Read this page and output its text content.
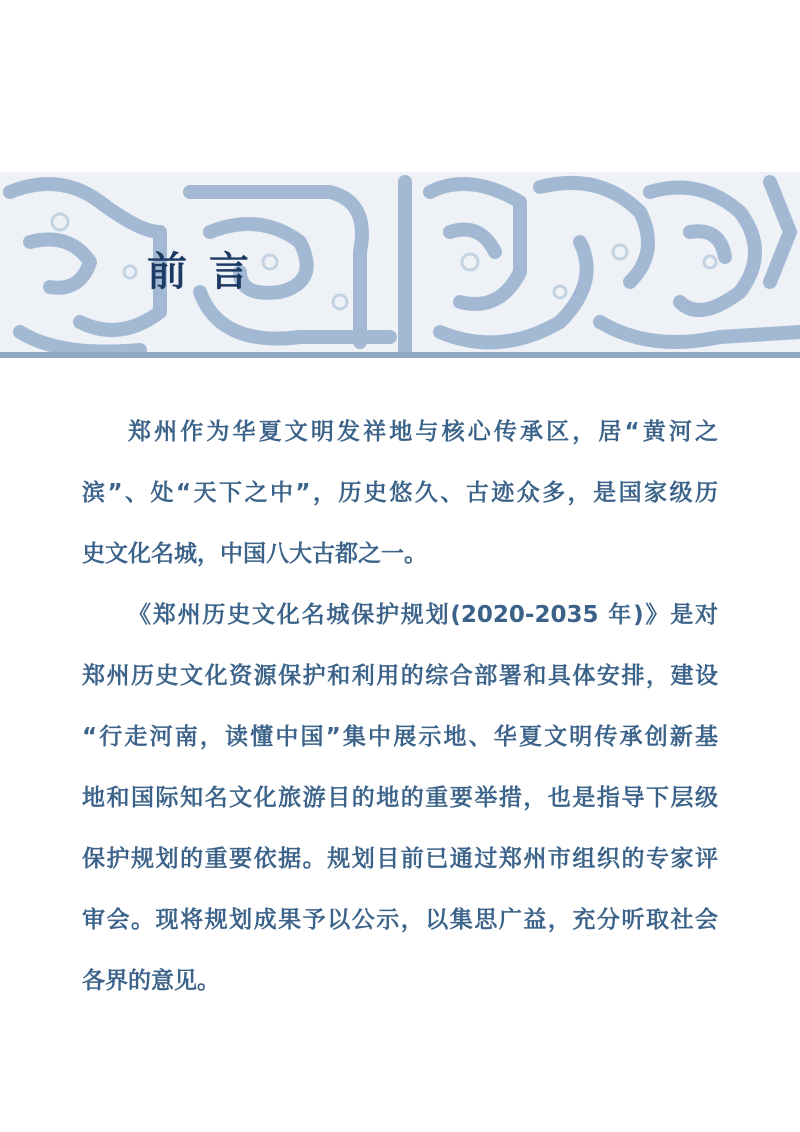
前言
郑州作为华夏文明发祥地与核心传承区，居“黄河之
滨”、处“天下之中”，历史悠久、古迹众多，是国家级历
史文化名城，中国八大古都之一。
《郑州历史文化名城保护规划(2020-2035 年)》是对
郑州历史文化资源保护和利用的综合部署和具体安排，建设
“行走河南，读懂中国”集中展示地、华夏文明传承创新基
地和国际知名文化旅游目的地的重要举措，也是指导下层级
保护规划的重要依据。规划目前已通过郑州市组织的专家评
审会。现将规划成果予以公示，以集思广益，充分听取社会
各界的意见。
